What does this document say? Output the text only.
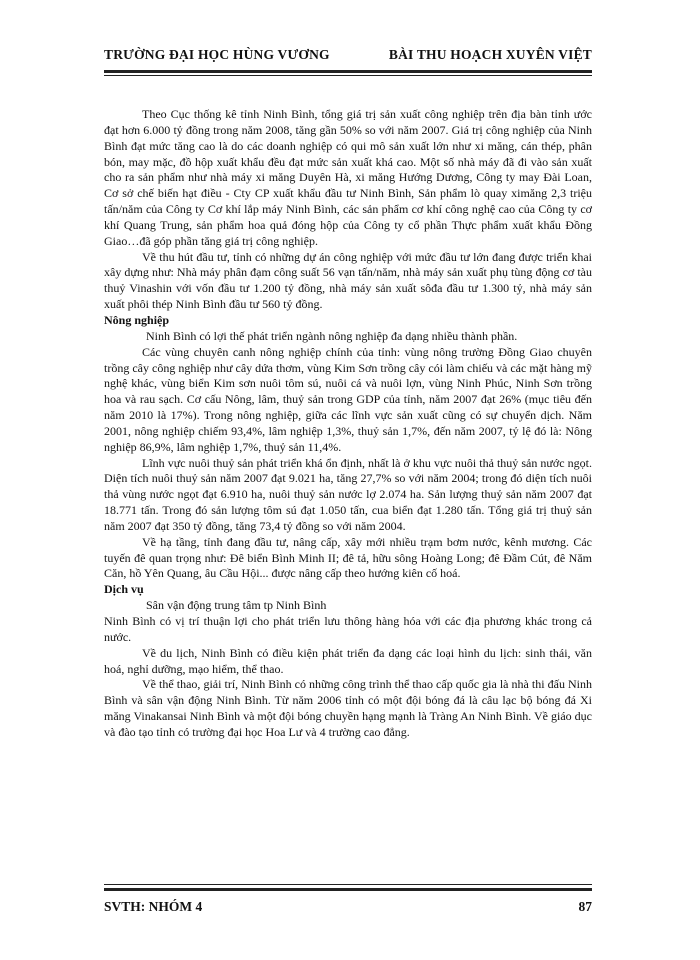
TRƯỜNG ĐẠI HỌC HÙNG VƯƠNG	BÀI THU HOẠCH XUYÊN VIỆT

Theo Cục thống kê tỉnh Ninh Bình, tổng giá trị sản xuất công nghiệp trên địa bàn tỉnh ước đạt hơn 6.000 tỷ đồng trong năm 2008, tăng gần 50% so với năm 2007. Giá trị công nghiệp của Ninh Bình đạt mức tăng cao là do các doanh nghiệp có qui mô sản xuất lớn như xi măng, cán thép, phân bón, may mặc, đồ hộp xuất khẩu đều đạt mức sản xuất khá cao. Một số nhà máy đã đi vào sản xuất cho ra sản phẩm như nhà máy xi măng Duyên Hà, xi măng Hướng Dương, Công ty may Đài Loan, Cơ sở chế biến hạt điều - Cty CP xuất khẩu đầu tư Ninh Bình, Sản phẩm lò quay ximăng 2,3 triệu tấn/năm của Công ty Cơ khí lắp máy Ninh Bình, các sản phẩm cơ khí công nghệ cao của Công ty cơ khí Quang Trung, sản phẩm hoa quả đóng hộp của Công ty cổ phần Thực phẩm xuất khẩu Đồng Giao…đã góp phần tăng giá trị công nghiệp.

Về thu hút đầu tư, tỉnh có những dự án công nghiệp với mức đầu tư lớn đang được triển khai xây dựng như: Nhà máy phân đạm công suất 56 vạn tấn/năm, nhà máy sản xuất phụ tùng động cơ tàu thuỷ Vinashin với vốn đầu tư 1.200 tỷ đồng, nhà máy sản xuất sôđa đầu tư 1.300 tỷ, nhà máy sản xuất phôi thép Ninh Bình đầu tư 560 tỷ đồng.

Nông nghiệp

Ninh Bình có lợi thế phát triển ngành nông nghiệp đa dạng nhiều thành phần.

Các vùng chuyên canh nông nghiệp chính của tỉnh: vùng nông trường Đồng Giao chuyên trồng cây công nghiệp như cây dứa thơm, vùng Kim Sơn trồng cây cói làm chiếu và các mặt hàng mỹ nghệ khác, vùng biển Kim sơn nuôi tôm sú, nuôi cá và nuôi lợn, vùng Ninh Phúc, Ninh Sơn trồng hoa và rau sạch. Cơ cấu Nông, lâm, thuỷ sản trong GDP của tỉnh, năm 2007 đạt 26% (mục tiêu đến năm 2010 là 17%). Trong nông nghiệp, giữa các lĩnh vực sản xuất cũng có sự chuyển dịch. Năm 2001, nông nghiệp chiếm 93,4%, lâm nghiệp 1,3%, thuỷ sản 1,7%, đến năm 2007, tỷ lệ đó là: Nông nghiệp 86,9%, lâm nghiệp 1,7%, thuỷ sản 11,4%.

Lĩnh vực nuôi thuỷ sản phát triển khá ổn định, nhất là ở khu vực nuôi thả thuỷ sản nước ngọt. Diện tích nuôi thuỷ sản năm 2007 đạt 9.021 ha, tăng 27,7% so với năm 2004; trong đó diện tích nuôi thả vùng nước ngọt đạt 6.910 ha, nuôi thuỷ sản nước lợ 2.074 ha. Sản lượng thuỷ sản năm 2007 đạt 18.771 tấn. Trong đó sản lượng tôm sú đạt 1.050 tấn, cua biển đạt 1.280 tấn. Tổng giá trị thuỷ sản năm 2007 đạt 350 tỷ đồng, tăng 73,4 tỷ đồng so với năm 2004.

Về hạ tầng, tỉnh đang đầu tư, nâng cấp, xây mới nhiều trạm bơm nước, kênh mương. Các tuyến đê quan trọng như: Đê biển Bình Minh II; đê tả, hữu sông Hoàng Long; đê Đầm Cút, đê Năm Căn, hồ Yên Quang, âu Cầu Hội... được nâng cấp theo hướng kiên cố hoá.

Dịch vụ

Sân vận động trung tâm tp Ninh Bình

Ninh Bình có vị trí thuận lợi cho phát triển lưu thông hàng hóa với các địa phương khác trong cả nước.

Về du lịch, Ninh Bình có điều kiện phát triển đa dạng các loại hình du lịch: sinh thái, văn hoá, nghỉ dưỡng, mạo hiểm, thể thao.

Về thể thao, giải trí, Ninh Bình có những công trình thể thao cấp quốc gia là nhà thi đấu Ninh Bình và sân vận động Ninh Bình. Từ năm 2006 tỉnh có một đội bóng đá là câu lạc bộ bóng đá Xi măng Vinakansai Ninh Bình và một đội bóng chuyền hạng mạnh là Tràng An Ninh Bình. Về giáo dục và đào tạo tỉnh có trường đại học Hoa Lư và 4 trường cao đẳng.

SVTH: NHÓM 4	87
